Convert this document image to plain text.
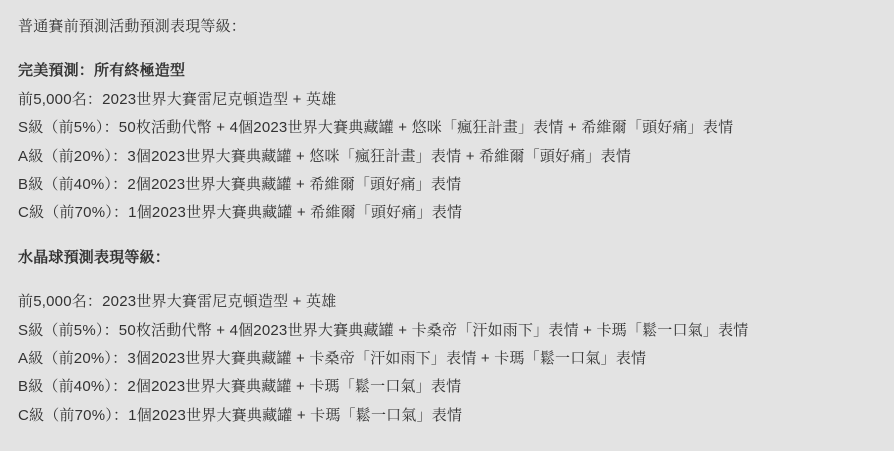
普通賽前預測活動預測表現等級：

完美預測：所有終極造型
前5,000名：2023世界大賽雷尼克頓造型 + 英雄
S級（前5%）：50枚活動代幣 + 4個2023世界大賽典藏罐 + 悠咪「瘋狂計畫」表情 + 希維爾「頭好痛」表情
A級（前20%）：3個2023世界大賽典藏罐 + 悠咪「瘋狂計畫」表情 + 希維爾「頭好痛」表情
B級（前40%）：2個2023世界大賽典藏罐 + 希維爾「頭好痛」表情
C級（前70%）：1個2023世界大賽典藏罐 + 希維爾「頭好痛」表情

水晶球預測表現等級：

前5,000名：2023世界大賽雷尼克頓造型 + 英雄
S級（前5%）：50枚活動代幣 + 4個2023世界大賽典藏罐 + 卡桑帝「汗如雨下」表情 + 卡瑪「鬆一口氣」表情
A級（前20%）：3個2023世界大賽典藏罐 + 卡桑帝「汗如雨下」表情 + 卡瑪「鬆一口氣」表情
B級（前40%）：2個2023世界大賽典藏罐 + 卡瑪「鬆一口氣」表情
C級（前70%）：1個2023世界大賽典藏罐 + 卡瑪「鬆一口氣」表情
